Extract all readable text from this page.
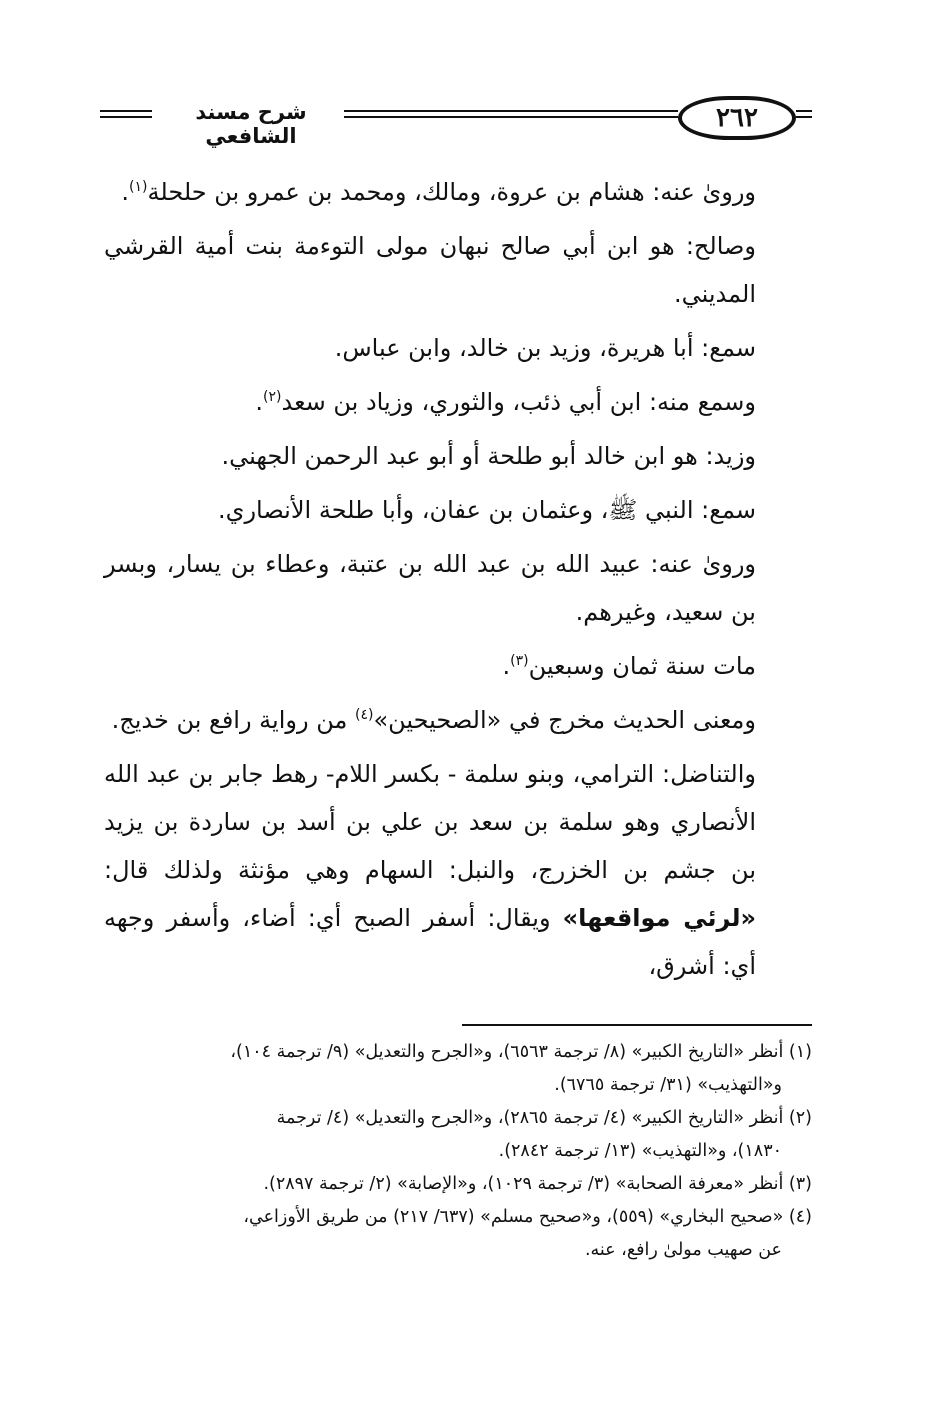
شرح مسند الشافعي
٢٦٢

وروىٰ عنه: هشام بن عروة، ومالك، ومحمد بن عمرو بن حلحلة$^{(١)}$.

وصالح: هو ابن أبي صالح نبهان مولى التوءمة بنت أمية القرشي المديني.

سمع: أبا هريرة، وزيد بن خالد، وابن عباس.

وسمع منه: ابن أبي ذئب، والثوري، وزياد بن سعد$^{(٢)}$.

وزيد: هو ابن خالد أبو طلحة أو أبو عبد الرحمن الجهني.

سمع: النبي ﷺ، وعثمان بن عفان، وأبا طلحة الأنصاري.

وروىٰ عنه: عبيد الله بن عبد الله بن عتبة، وعطاء بن يسار، وبسر بن سعيد، وغيرهم.

مات سنة ثمان وسبعين$^{(٣)}$.

ومعنى الحديث مخرج في «الصحيحين»$^{(٤)}$ من رواية رافع بن خديج.

والتناضل: الترامي، وبنو سلمة - بكسر اللام- رهط جابر بن عبد الله الأنصاري وهو سلمة بن سعد بن علي بن أسد بن ساردة بن يزيد بن جشم بن الخزرج، والنبل: السهام وهي مؤنثة ولذلك قال: «لرئي مواقعها» ويقال: أسفر الصبح أي: أضاء، وأسفر وجهه أي: أشرق،

(١) أنظر «التاريخ الكبير» (٨/ ترجمة ٦٥٦٣)، و«الجرح والتعديل» (٩/ ترجمة ١٠٤)،

و«التهذيب» (٣١/ ترجمة ٦٧٦٥).

(٢) أنظر «التاريخ الكبير» (٤/ ترجمة ٢٨٦٥)، و«الجرح والتعديل» (٤/ ترجمة

١٨٣٠)، و«التهذيب» (١٣/ ترجمة ٢٨٤٢).

(٣) أنظر «معرفة الصحابة» (٣/ ترجمة ١٠٢٩)، و«الإصابة» (٢/ ترجمة ٢٨٩٧).

(٤) «صحيح البخاري» (٥٥٩)، و«صحيح مسلم» (٦٣٧/ ٢١٧) من طريق الأوزاعي،

عن صهيب مولىٰ رافع، عنه.
